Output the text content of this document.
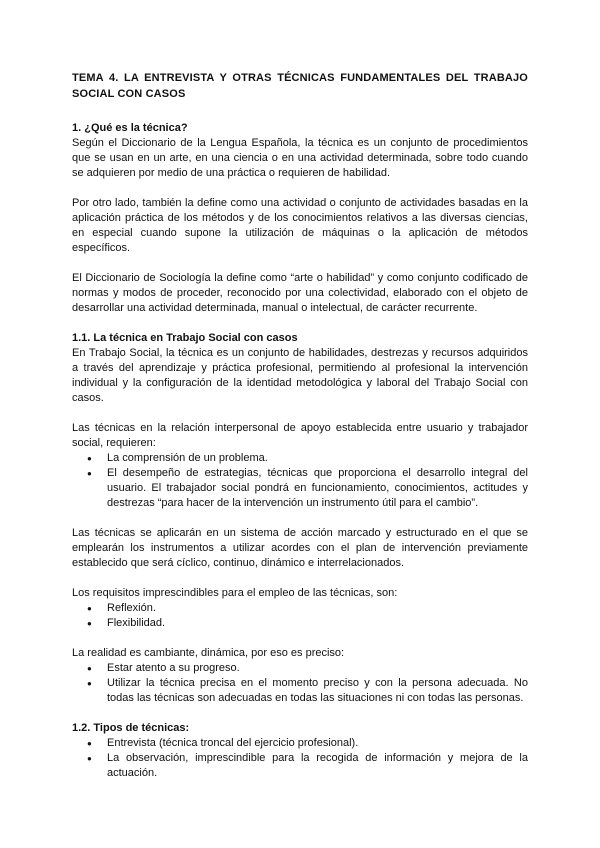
TEMA 4. LA ENTREVISTA Y OTRAS TÉCNICAS FUNDAMENTALES DEL TRABAJO SOCIAL CON CASOS
1. ¿Qué es la técnica?

Según el Diccionario de la Lengua Española, la técnica es un conjunto de procedimientos que se usan en un arte, en una ciencia o en una actividad determinada, sobre todo cuando se adquieren por medio de una práctica o requieren de habilidad.

Por otro lado, también la define como una actividad o conjunto de actividades basadas en la aplicación práctica de los métodos y de los conocimientos relativos a las diversas ciencias, en especial cuando supone la utilización de máquinas o la aplicación de métodos específicos.

El Diccionario de Sociología la define como “arte o habilidad” y como conjunto codificado de normas y modos de proceder, reconocido por una colectividad, elaborado con el objeto de desarrollar una actividad determinada, manual o intelectual, de carácter recurrente.

1.1. La técnica en Trabajo Social con casos

En Trabajo Social, la técnica es un conjunto de habilidades, destrezas y recursos adquiridos a través del aprendizaje y práctica profesional, permitiendo al profesional la intervención individual y la configuración de la identidad metodológica y laboral del Trabajo Social con casos.

Las técnicas en la relación interpersonal de apoyo establecida entre usuario y trabajador social, requieren:

● La comprensión de un problema.
● El desempeño de estrategias, técnicas que proporciona el desarrollo integral del usuario. El trabajador social pondrá en funcionamiento, conocimientos, actitudes y destrezas “para hacer de la intervención un instrumento útil para el cambio”.

Las técnicas se aplicarán en un sistema de acción marcado y estructurado en el que se emplearán los instrumentos a utilizar acordes con el plan de intervención previamente establecido que será cíclico, continuo, dinámico e interrelacionados.

Los requisitos imprescindibles para el empleo de las técnicas, son:

● Reflexión.
● Flexibilidad.

La realidad es cambiante, dinámica, por eso es preciso:

● Estar atento a su progreso.
● Utilizar la técnica precisa en el momento preciso y con la persona adecuada. No todas las técnicas son adecuadas en todas las situaciones ni con todas las personas.
1.2. Tipos de técnicas:
● Entrevista (técnica troncal del ejercicio profesional).
● La observación, imprescindible para la recogida de información y mejora de la actuación.
